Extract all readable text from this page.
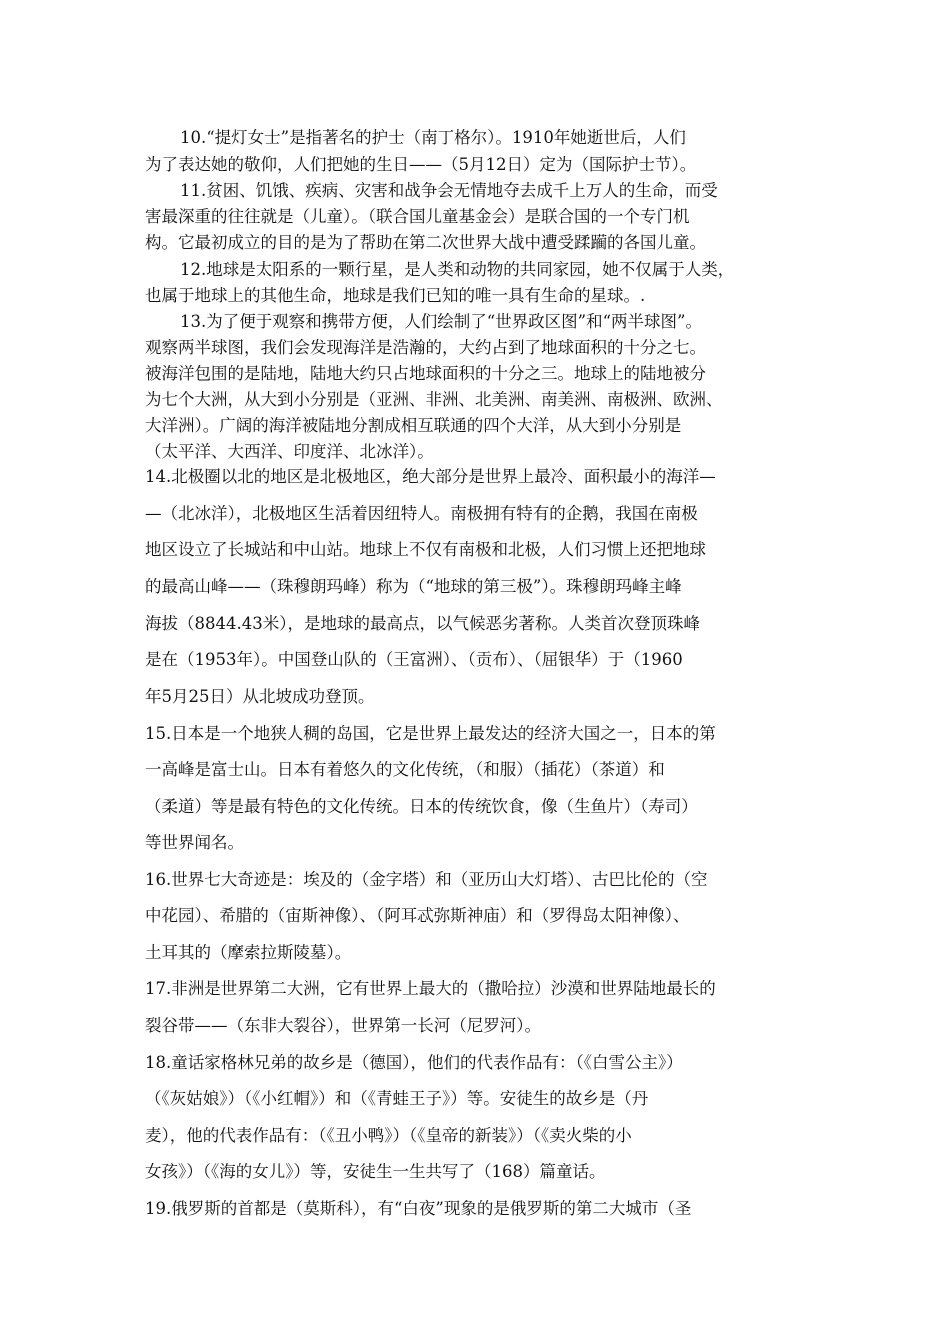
10.“提灯女士”是指著名的护士（南丁格尔）。1910年她逝世后，人们
为了表达她的敬仰，人们把她的生日——（5月12日）定为（国际护士节）。
11.贫困、饥饿、疾病、灾害和战争会无情地夺去成千上万人的生命，而受
害最深重的往往就是（儿童）。（联合国儿童基金会）是联合国的一个专门机
构。它最初成立的目的是为了帮助在第二次世界大战中遭受蹂躏的各国儿童。
12.地球是太阳系的一颗行星，是人类和动物的共同家园，她不仅属于人类，
也属于地球上的其他生命，地球是我们已知的唯一具有生命的星球。.
13.为了便于观察和携带方便，人们绘制了“世界政区图”和“两半球图”。
观察两半球图，我们会发现海洋是浩瀚的，大约占到了地球面积的十分之七。
被海洋包围的是陆地，陆地大约只占地球面积的十分之三。地球上的陆地被分
为七个大洲，从大到小分别是（亚洲、非洲、北美洲、南美洲、南极洲、欧洲、
大洋洲）。广阔的海洋被陆地分割成相互联通的四个大洋，从大到小分别是
（太平洋、大西洋、印度洋、北冰洋）。
14.北极圈以北的地区是北极地区，绝大部分是世界上最冷、面积最小的海洋—
—（北冰洋），北极地区生活着因纽特人。南极拥有特有的企鹅，我国在南极
地区设立了长城站和中山站。地球上不仅有南极和北极，人们习惯上还把地球
的最高山峰——（珠穆朗玛峰）称为（“地球的第三极”）。珠穆朗玛峰主峰
海拔（8844.43米），是地球的最高点，以气候恶劣著称。人类首次登顶珠峰
是在（1953年）。中国登山队的（王富洲）、（贡布）、（屈银华）于（1960
年5月25日）从北坡成功登顶。
15.日本是一个地狭人稠的岛国，它是世界上最发达的经济大国之一，日本的第
一高峰是富士山。日本有着悠久的文化传统，（和服）（插花）（茶道）和
（柔道）等是最有特色的文化传统。日本的传统饮食，像（生鱼片）（寿司）
等世界闻名。
16.世界七大奇迹是：埃及的（金字塔）和（亚历山大灯塔）、古巴比伦的（空
中花园）、希腊的（宙斯神像）、（阿耳忒弥斯神庙）和（罗得岛太阳神像）、
土耳其的（摩索拉斯陵墓）。
17.非洲是世界第二大洲，它有世界上最大的（撒哈拉）沙漠和世界陆地最长的
裂谷带——（东非大裂谷），世界第一长河（尼罗河）。
18.童话家格林兄弟的故乡是（德国），他们的代表作品有：（《白雪公主》）
（《灰姑娘》）（《小红帽》）和（《青蛙王子》）等。安徒生的故乡是（丹
麦），他的代表作品有：（《丑小鸭》）（《皇帝的新装》）（《卖火柴的小
女孩》）（《海的女儿》）等，安徒生一生共写了（168）篇童话。
19.俄罗斯的首都是（莫斯科），有“白夜”现象的是俄罗斯的第二大城市（圣
